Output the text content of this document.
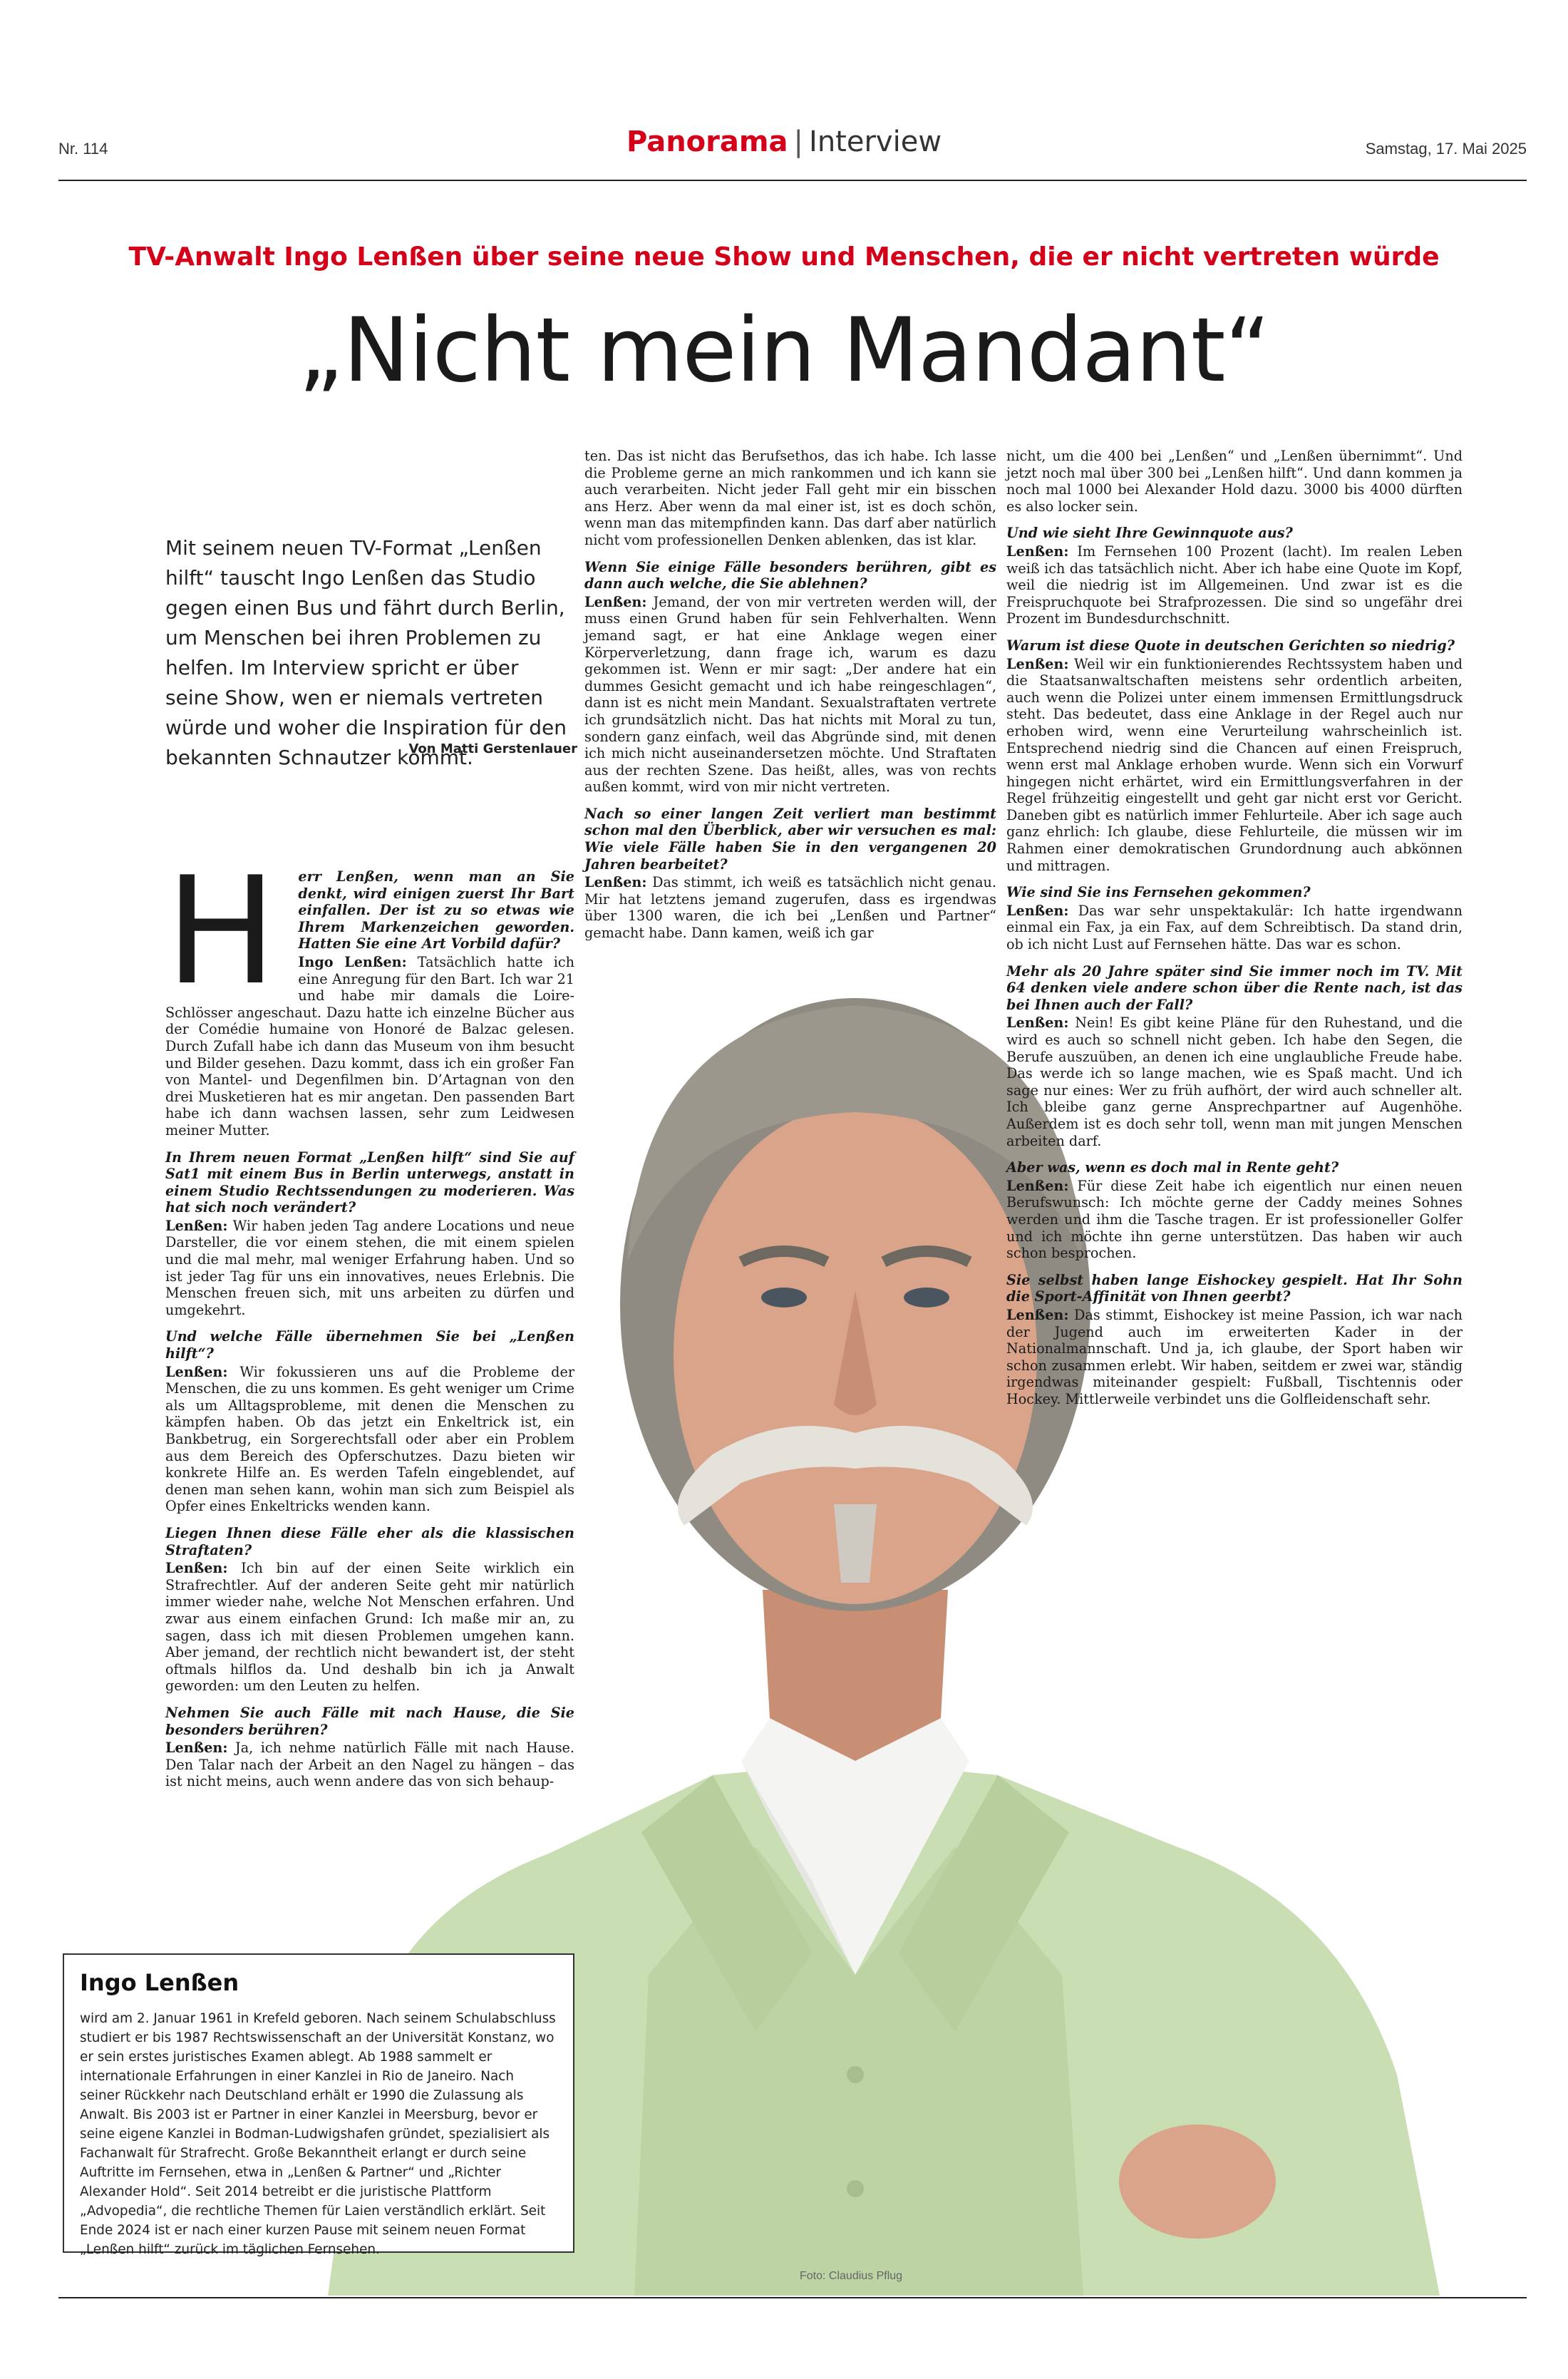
Nr. 114	Panorama | Interview	Samstag, 17. Mai 2025
TV-Anwalt Ingo Lenßen über seine neue Show und Menschen, die er nicht vertreten würde
„Nicht mein Mandant“
Mit seinem neuen TV-Format „Lenßen hilft“ tauscht Ingo Lenßen das Studio gegen einen Bus und fährt durch Berlin, um Menschen bei ihren Problemen zu helfen. Im Interview spricht er über seine Show, wen er niemals vertreten würde und woher die Inspiration für den bekannten Schnautzer kommt.
Von Matti Gerstenlauer
Foto: Claudius Pflug

ten. Das ist nicht das Berufsethos, das ich habe. Ich lasse die Probleme gerne an mich rankommen und ich kann sie auch verarbeiten. Nicht jeder Fall geht mir ein bisschen ans Herz. Aber wenn da mal einer ist, ist es doch schön, wenn man das mitempfinden kann. Das darf aber natürlich nicht vom professionellen Denken ablenken, das ist klar.

Wenn Sie einige Fälle besonders berühren, gibt es dann auch welche, die Sie ablehnen?
Lenßen: Jemand, der von mir vertreten werden will, der muss einen Grund haben für sein Fehlverhalten. Wenn jemand sagt, er hat eine Anklage wegen einer Körperverletzung, dann frage ich, warum es dazu gekommen ist. Wenn er mir sagt: „Der andere hat ein dummes Gesicht gemacht und ich habe reingeschlagen“, dann ist es nicht mein Mandant. Sexualstraftaten vertrete ich grundsätzlich nicht. Das hat nichts mit Moral zu tun, sondern ganz einfach, weil das Abgründe sind, mit denen ich mich nicht auseinandersetzen möchte. Und Straftaten aus der rechten Szene. Das heißt, alles, was von rechts außen kommt, wird von mir nicht vertreten.

Nach so einer langen Zeit verliert man bestimmt schon mal den Überblick, aber wir versuchen es mal: Wie viele Fälle haben Sie in den vergangenen 20 Jahren bearbeitet?
Lenßen: Das stimmt, ich weiß es tatsächlich nicht genau. Mir hat letztens jemand zugerufen, dass es irgendwas über 1300 waren, die ich bei „Lenßen und Partner“ gemacht habe. Dann kamen, weiß ich gar

nicht, um die 400 bei „Lenßen“ und „Lenßen übernimmt“. Und jetzt noch mal über 300 bei „Lenßen hilft“. Und dann kommen ja noch mal 1000 bei Alexander Hold dazu. 3000 bis 4000 dürften es also locker sein.

Und wie sieht Ihre Gewinnquote aus?
Lenßen: Im Fernsehen 100 Prozent (lacht). Im realen Leben weiß ich das tatsächlich nicht. Aber ich habe eine Quote im Kopf, weil die niedrig ist im Allgemeinen. Und zwar ist es die Freispruchquote bei Strafprozessen. Die sind so ungefähr drei Prozent im Bundesdurchschnitt.

Warum ist diese Quote in deutschen Gerichten so niedrig?
Lenßen: Weil wir ein funktionierendes Rechtssystem haben und die Staatsanwaltschaften meistens sehr ordentlich arbeiten, auch wenn die Polizei unter einem immensen Ermittlungsdruck steht. Das bedeutet, dass eine Anklage in der Regel auch nur erhoben wird, wenn eine Verurteilung wahrscheinlich ist. Entsprechend niedrig sind die Chancen auf einen Freispruch, wenn erst mal Anklage erhoben wurde. Wenn sich ein Vorwurf hingegen nicht erhärtet, wird ein Ermittlungsverfahren in der Regel frühzeitig eingestellt und geht gar nicht erst vor Gericht. Daneben gibt es natürlich immer Fehlurteile. Aber ich sage auch ganz ehrlich: Ich glaube, diese Fehlurteile, die müssen wir im Rahmen einer demokratischen Grundordnung auch abkönnen und mittragen.

Wie sind Sie ins Fernsehen gekommen?
Lenßen: Das war sehr unspektakulär: Ich hatte irgendwann einmal ein Fax, ja ein Fax, auf dem Schreibtisch. Da stand drin, ob ich nicht Lust auf Fernsehen hätte. Das war es schon.

Mehr als 20 Jahre später sind Sie immer noch im TV. Mit 64 denken viele andere schon über die Rente nach, ist das bei Ihnen auch der Fall?
Lenßen: Nein! Es gibt keine Pläne für den Ruhestand, und die wird es auch so schnell nicht geben. Ich habe den Segen, die Berufe auszuüben, an denen ich eine unglaubliche Freude habe. Das werde ich so lange machen, wie es Spaß macht. Und ich sage nur eines: Wer zu früh aufhört, der wird auch schneller alt. Ich bleibe ganz gerne Ansprechpartner auf Augenhöhe. Außerdem ist es doch sehr toll, wenn man mit jungen Menschen arbeiten darf.

Aber was, wenn es doch mal in Rente geht?
Lenßen: Für diese Zeit habe ich eigentlich nur einen neuen Berufswunsch: Ich möchte gerne der Caddy meines Sohnes werden und ihm die Tasche tragen. Er ist professioneller Golfer und ich möchte ihn gerne unterstützen. Das haben wir auch schon besprochen.

Sie selbst haben lange Eishockey gespielt. Hat Ihr Sohn die Sport-Affinität von Ihnen geerbt?
Lenßen: Das stimmt, Eishockey ist meine Passion, ich war nach der Jugend auch im erweiterten Kader in der Nationalmannschaft. Und ja, ich glaube, der Sport haben wir schon zusammen erlebt. Wir haben, seitdem er zwei war, ständig irgendwas miteinander gespielt: Fußball, Tischtennis oder Hockey. Mittlerweile verbindet uns die Golfleidenschaft sehr.

H	err Lenßen, wenn man an Sie denkt, wird einigen zuerst Ihr Bart einfallen. Der ist zu so etwas wie Ihrem Markenzeichen geworden. Hatten Sie eine Art Vorbild dafür?
Ingo Lenßen: Tatsächlich hatte ich eine Anregung für den Bart. Ich war 21 und habe mir damals die Loire-Schlösser angeschaut. Dazu hatte ich einzelne Bücher aus der Comédie humaine von Honoré de Balzac gelesen. Durch Zufall habe ich dann das Museum von ihm besucht und Bilder gesehen. Dazu kommt, dass ich ein großer Fan von Mantel- und Degenfilmen bin. D’Artagnan von den drei Musketieren hat es mir angetan. Den passenden Bart habe ich dann wachsen lassen, sehr zum Leidwesen meiner Mutter.

In Ihrem neuen Format „Lenßen hilft“ sind Sie auf Sat1 mit einem Bus in Berlin unterwegs, anstatt in einem Studio Rechtssendungen zu moderieren. Was hat sich noch verändert?
Lenßen: Wir haben jeden Tag andere Locations und neue Darsteller, die vor einem stehen, die mit einem spielen und die mal mehr, mal weniger Erfahrung haben. Und so ist jeder Tag für uns ein innovatives, neues Erlebnis. Die Menschen freuen sich, mit uns arbeiten zu dürfen und umgekehrt.

Und welche Fälle übernehmen Sie bei „Lenßen hilft“?
Lenßen: Wir fokussieren uns auf die Probleme der Menschen, die zu uns kommen. Es geht weniger um Crime als um Alltagsprobleme, mit denen die Menschen zu kämpfen haben. Ob das jetzt ein Enkeltrick ist, ein Bankbetrug, ein Sorgerechtsfall oder aber ein Problem aus dem Bereich des Opferschutzes. Dazu bieten wir konkrete Hilfe an. Es werden Tafeln eingeblendet, auf denen man sehen kann, wohin man sich zum Beispiel als Opfer eines Enkeltricks wenden kann.

Liegen Ihnen diese Fälle eher als die klassischen Straftaten?
Lenßen: Ich bin auf der einen Seite wirklich ein Strafrechtler. Auf der anderen Seite geht mir natürlich immer wieder nahe, welche Not Menschen erfahren. Und zwar aus einem einfachen Grund: Ich maße mir an, zu sagen, dass ich mit diesen Problemen umgehen kann. Aber jemand, der rechtlich nicht bewandert ist, der steht oftmals hilflos da. Und deshalb bin ich ja Anwalt geworden: um den Leuten zu helfen.

Nehmen Sie auch Fälle mit nach Hause, die Sie besonders berühren?
Lenßen: Ja, ich nehme natürlich Fälle mit nach Hause. Den Talar nach der Arbeit an den Nagel zu hängen – das ist nicht meins, auch wenn andere das von sich behaup-

Ingo Lenßen

wird am 2. Januar 1961 in Krefeld geboren. Nach seinem Schulabschluss studiert er bis 1987 Rechtswissenschaft an der Universität Konstanz, wo er sein erstes juristisches Examen ablegt. Ab 1988 sammelt er internationale Erfahrungen in einer Kanzlei in Rio de Janeiro. Nach seiner Rückkehr nach Deutschland erhält er 1990 die Zulassung als Anwalt. Bis 2003 ist er Partner in einer Kanzlei in Meersburg, bevor er seine eigene Kanzlei in Bodman-Ludwigshafen gründet, spezialisiert als Fachanwalt für Strafrecht. Große Bekanntheit erlangt er durch seine Auftritte im Fernsehen, etwa in „Lenßen & Partner“ und „Richter Alexander Hold“. Seit 2014 betreibt er die juristische Plattform „Advopedia“, die rechtliche Themen für Laien verständlich erklärt. Seit Ende 2024 ist er nach einer kurzen Pause mit seinem neuen Format „Lenßen hilft“ zurück im täglichen Fernsehen.
